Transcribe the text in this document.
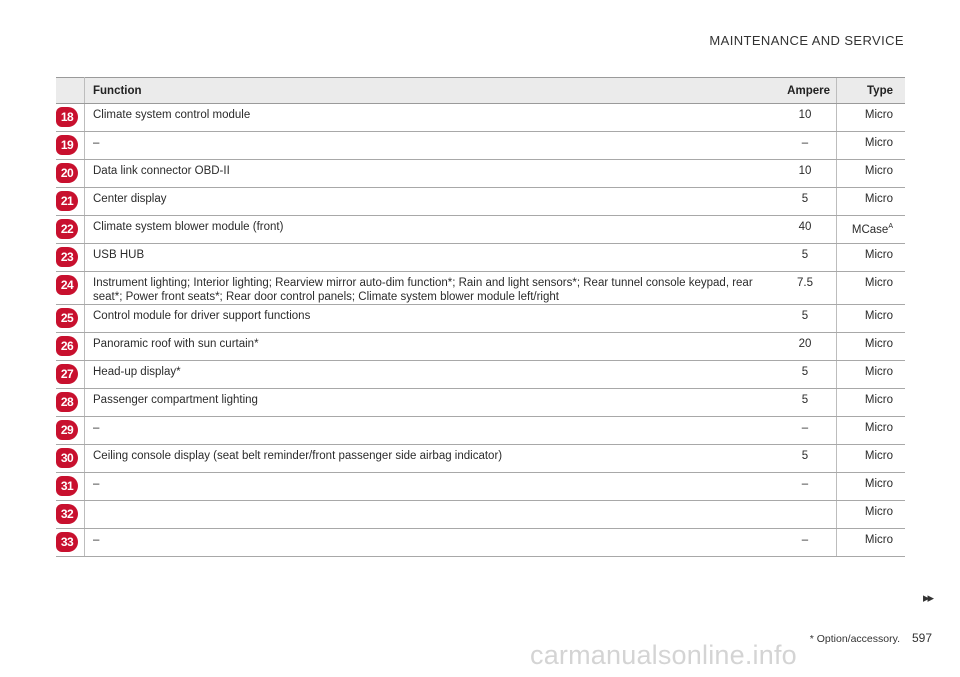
MAINTENANCE AND SERVICE
	Function	Ampere	Type

18	Climate system control module	10	Micro

19	–	–	Micro

20	Data link connector OBD-II	10	Micro

21	Center display	5	Micro

22	Climate system blower module (front)	40	MCase$^A$

23	USB HUB	5	Micro

24	Instrument lighting; Interior lighting; Rearview mirror auto-dim function*; Rain and light sensors*; Rear tunnel console keypad, rear seat*; Power front seats*; Rear door control panels; Climate system blower module left/right	7.5	Micro

25	Control module for driver support functions	5	Micro

26	Panoramic roof with sun curtain*	20	Micro

27	Head-up display*	5	Micro

28	Passenger compartment lighting	5	Micro

29	–	–	Micro

30	Ceiling console display (seat belt reminder/front passenger side airbag indicator)	5	Micro

31	–	–	Micro

32			Micro

33	–	–	Micro
▸▸
* Option/accessory. 597
carmanualsonline.info
